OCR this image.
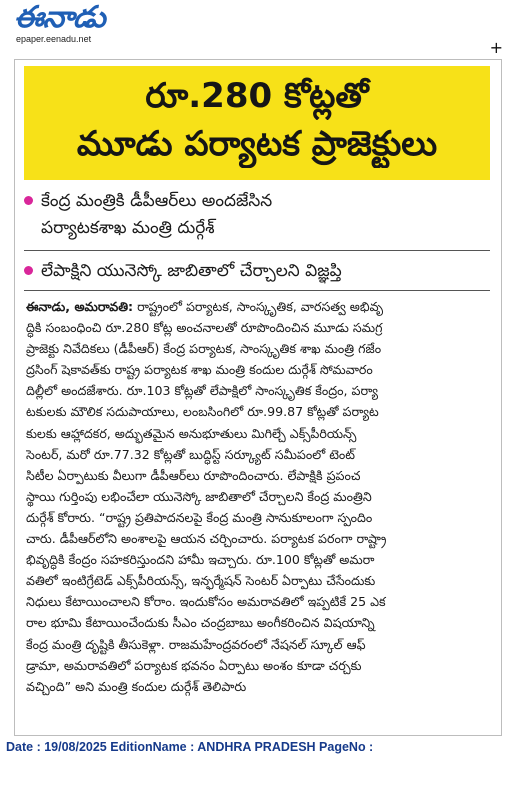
ఈనాడు
epaper.eenadu.net	+
రూ.280 కోట్లతో
మూడు పర్యాటక ప్రాజెక్టులు
కేంద్ర మంత్రికి డీపీఆర్‌లు అందజేసిన
పర్యాటకశాఖ మంత్రి దుర్గేశ్‌
లేపాక్షిని యునెస్కో జాబితాలో చేర్చాలని విజ్ఞప్తి
ఈనాడు, అమరావతి: రాష్ట్రంలో పర్యాటక, సాంస్కృతిక, వారసత్వ అభివృ
ద్ధికి సంబంధించి రూ.280 కోట్ల అంచనాలతో రూపొందించిన మూడు సమగ్ర
ప్రాజెక్టు నివేదికలు (డీపీఆర్‌) కేంద్ర పర్యాటక, సాంస్కృతిక శాఖ మంత్రి గజేం
ద్రసింగ్‌ షెకావత్‌కు రాష్ట్ర పర్యాటక శాఖ మంత్రి కందుల దుర్గేశ్‌ సోమవారం
దిల్లీలో అందజేశారు. రూ.103 కోట్లతో లేపాక్షిలో సాంస్కృతిక కేంద్రం, పర్యా
టకులకు మౌలిక సదుపాయాలు, లంబసింగిలో రూ.99.87 కోట్లతో పర్యాట
కులకు ఆహ్లాదకర, అద్భుతమైన అనుభూతులు మిగిల్చే ఎక్స్‌పీరియన్స్‌
సెంటర్‌, మరో రూ.77.32 కోట్లతో బుద్ధిస్ట్‌ సర్క్యూట్‌ సమీపంలో టెంట్‌
సిటీల ఏర్పాటుకు వీలుగా డీపీఆర్‌లు రూపొందించారు. లేపాక్షికి ప్రపంచ
స్థాయి గుర్తింపు లభించేలా యునెస్కో జాబితాలో చేర్చాలని కేంద్ర మంత్రిని
దుర్గేశ్‌ కోరారు. “రాష్ట్ర ప్రతిపాదనలపై కేంద్ర మంత్రి సానుకూలంగా స్పందిం
చారు. డీపీఆర్‌లోని అంశాలపై ఆయన చర్చించారు. పర్యాటక పరంగా రాష్ట్రా
భివృద్ధికి కేంద్రం సహకరిస్తుందని హామీ ఇచ్చారు. రూ.100 కోట్లతో అమరా
వతిలో ఇంటిగ్రేటెడ్‌ ఎక్స్‌పీరియన్స్‌, ఇన్ఫర్మేషన్‌ సెంటర్‌ ఏర్పాటు చేసేందుకు
నిధులు కేటాయించాలని కోరాం. ఇందుకోసం అమరావతిలో ఇప్పటికే 25 ఎక
రాల భూమి కేటాయించేందుకు సీఎం చంద్రబాబు అంగీకరించిన విషయాన్ని
కేంద్ర మంత్రి దృష్టికి తీసుకెళ్లా. రాజమహేంద్రవరంలో నేషనల్‌ స్కూల్‌ ఆఫ్‌
డ్రామా, అమరావతిలో పర్యాటక భవనం ఏర్పాటు అంశం కూడా చర్చకు
వచ్చింది” అని మంత్రి కందుల దుర్గేశ్‌ తెలిపారు
Date : 19/08/2025 EditionName : ANDHRA PRADESH PageNo :
